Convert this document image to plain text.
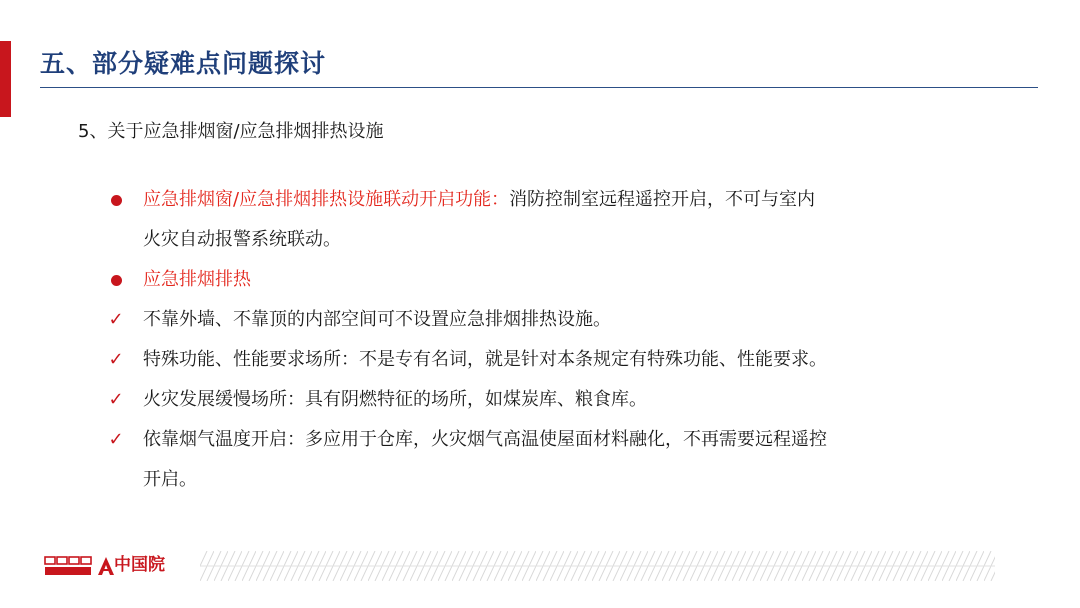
五、部分疑难点问题探讨
5、关于应急排烟窗/应急排烟排热设施
应急排烟窗/应急排烟排热设施联动开启功能：消防控制室远程遥控开启，不可与室内
火灾自动报警系统联动。
应急排烟排热
✓ 不靠外墙、不靠顶的内部空间可不设置应急排烟排热设施。
✓ 特殊功能、性能要求场所：不是专有名词，就是针对本条规定有特殊功能、性能要求。
✓ 火灾发展缓慢场所：具有阴燃特征的场所，如煤炭库、粮食库。
✓ 依靠烟气温度开启：多应用于仓库，火灾烟气高温使屋面材料融化，不再需要远程遥控
开启。
中国院
